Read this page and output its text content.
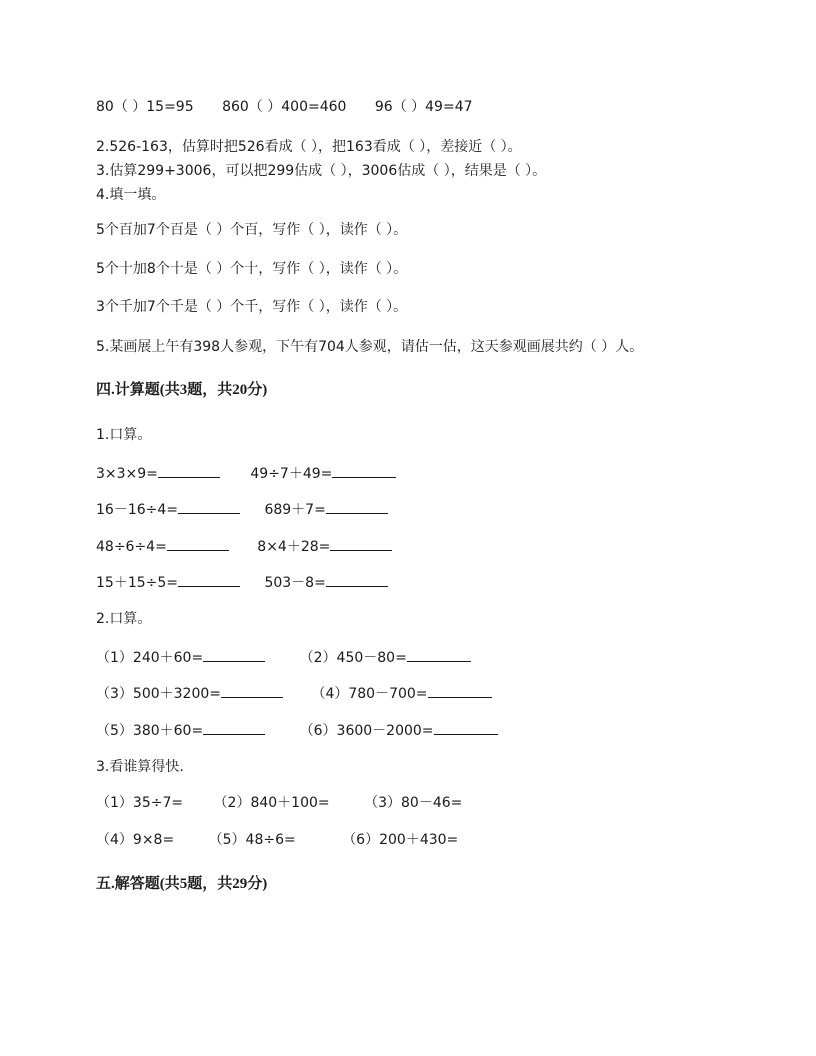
80（ ）15=95 860（ ）400=460 96（ ）49=47
2.526-163，估算时把526看成（ ），把163看成（ ），差接近（ ）。
3.估算299+3006，可以把299估成（ ），3006估成（ ），结果是（ ）。
4.填一填。
5个百加7个百是（ ）个百，写作（ ），读作（ ）。
5个十加8个十是（ ）个十，写作（ ），读作（ ）。
3个千加7个千是（ ）个千，写作（ ），读作（ ）。
5.某画展上午有398人参观，下午有704人参观，请估一估，这天参观画展共约（ ）人。
四.计算题(共3题，共20分)
1.口算。
3×3×9=	49÷7＋49=
16－16÷4=	689＋7=
48÷6÷4=	8×4＋28=
15＋15÷5=	503－8=
2.口算。
（1）240＋60=	（2）450－80=
（3）500＋3200=	（4）780－700=
（5）380＋60=	（6）3600－2000=
3.看谁算得快.
（1）35÷7= （2）840＋100= （3）80－46=
（4）9×8= （5）48÷6=	（6）200＋430=
五.解答题(共5题，共29分)
